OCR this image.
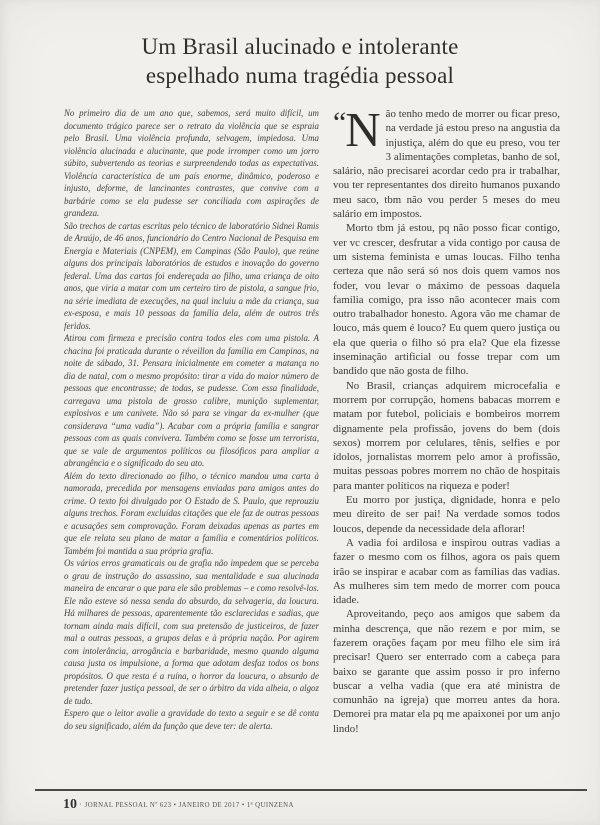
Um Brasil alucinado e intolerante
espelhado numa tragédia pessoal

No primeiro dia de um ano que, sabemos, será muito difícil, um documento trágico parece ser o retrato da violência que se espraia pelo Brasil. Uma violência profunda, selvagem, impiedosa. Uma violência alucinada e alucinante, que pode irromper como um jorro súbito, subvertendo as teorias e surpreendendo todas as expectativas. Violência característica de um país enorme, dinâmico, poderoso e injusto, deforme, de lancinantes contrastes, que convive com a barbárie como se ela pudesse ser conciliada com aspirações de grandeza.

São trechos de cartas escritas pelo técnico de laboratório Sidnei Ramis de Araújo, de 46 anos, funcionário do Centro Nacional de Pesquisa em Energia e Materiais (CNPEM), em Campinas (São Paulo), que reúne alguns dos principais laboratórios de estudos e inovação do governo federal. Uma das cartas foi endereçada ao filho, uma criança de oito anos, que viria a matar com um certeiro tiro de pistola, a sangue frio, na série imediata de execuções, na qual incluiu a mãe da criança, sua ex-esposa, e mais 10 pessoas da família dela, além de outros três feridos.

Atirou com firmeza e precisão contra todos eles com uma pistola. A chacina foi praticada durante o réveillon da família em Campinas, na noite de sábado, 31. Pensara inicialmente em cometer a matança no dia de natal, com o mesmo propósito: tirar a vida do maior número de pessoas que encontrasse; de todas, se pudesse. Com essa finalidade, carregava uma pistola de grosso calibre, munição suplementar, explosivos e um canivete. Não só para se vingar da ex-mulher (que considerava “uma vadia”). Acabar com a própria família e sangrar pessoas com as quais convivera. Também como se fosse um terrorista, que se vale de argumentos políticos ou filosóficos para ampliar a abrangência e o significado do seu ato.

Além do texto direcionado ao filho, o técnico mandou uma carta à namorada, precedida por mensagens enviadas para amigos antes do crime. O texto foi divulgado por O Estado de S. Paulo, que reprouziu alguns trechos. Foram excluídas citações que ele faz de outras pessoas e acusações sem comprovação. Foram deixadas apenas as partes em que ele relata seu plano de matar a família e comentários políticos. Também foi mantida a sua própria grafia.

Os vários erros gramaticais ou de grafia não impedem que se perceba o grau de instrução do assassino, sua mentalidade e sua alucinada maneira de encarar o que para ele são problemas – e como resolvê-los. Ele não esteve só nessa senda do absurdo, da selvageria, da loucura. Há milhares de pessoas, aparentemente tão esclarecidas e sadias, que tornam ainda mais difícil, com sua pretensão de justiceiros, de fazer mal a outras pessoas, a grupos delas e à própria nação. Por agirem com intolerância, arrogância e barbaridade, mesmo quando alguma causa justa os impulsione, a forma que adotam desfaz todos os bons propósitos. O que resta é a ruína, o horror da loucura, o absurdo de pretender fazer justiça pessoal, de ser o árbitro da vida alheia, o algoz de tudo.

Espero que o leitor avalie a gravidade do texto a seguir e se dê conta do seu significado, além da função que deve ter: de alerta.

“N ão tenho medo de morrer ou ficar preso, na verdade já estou preso na angustia da injustiça, além do que eu preso, vou ter 3 alimentações completas, banho de sol, salário, não precisarei acordar cedo pra ir trabalhar, vou ter representantes dos direito humanos puxando meu saco, tbm não vou perder 5 meses do meu salário em impostos.

Morto tbm já estou, pq não posso ficar contigo, ver vc crescer, desfrutar a vida contigo por causa de um sistema feminista e umas loucas. Filho tenha certeza que não será só nos dois quem vamos nos foder, vou levar o máximo de pessoas daquela família comigo, pra isso não acontecer mais com outro trabalhador honesto. Agora vão me chamar de louco, más quem é louco? Eu quem quero justiça ou ela que queria o filho só pra ela? Que ela fizesse inseminação artificial ou fosse trepar com um bandido que não gosta de filho.

No Brasil, crianças adquirem microcefalia e morrem por corrupção, homens babacas morrem e matam por futebol, policiais e bombeiros morrem dignamente pela profissão, jovens do bem (dois sexos) morrem por celulares, tênis, selfies e por ídolos, jornalistas morrem pelo amor à profissão, muitas pessoas pobres morrem no chão de hospitais para manter políticos na riqueza e poder!

Eu morro por justiça, dignidade, honra e pelo meu direito de ser pai! Na verdade somos todos loucos, depende da necessidade dela aflorar!

A vadia foi ardilosa e inspirou outras vadias a fazer o mesmo com os filhos, agora os pais quem irão se inspirar e acabar com as famílias das vadias. As mulheres sim tem medo de morrer com pouca idade.

Aproveitando, peço aos amigos que sabem da minha descrença, que não rezem e por mim, se fazerem orações façam por meu filho ele sim irá precisar! Quero ser enterrado com a cabeça para baixo se garante que assim posso ir pro inferno buscar a velha vadia (que era até ministra de comunhão na igreja) que morreu antes da hora. Demorei pra matar ela pq me apaixonei por um anjo lindo!

10 · JORNAL PESSOAL Nº 623 • JANEIRO DE 2017 • 1ª QUINZENA
